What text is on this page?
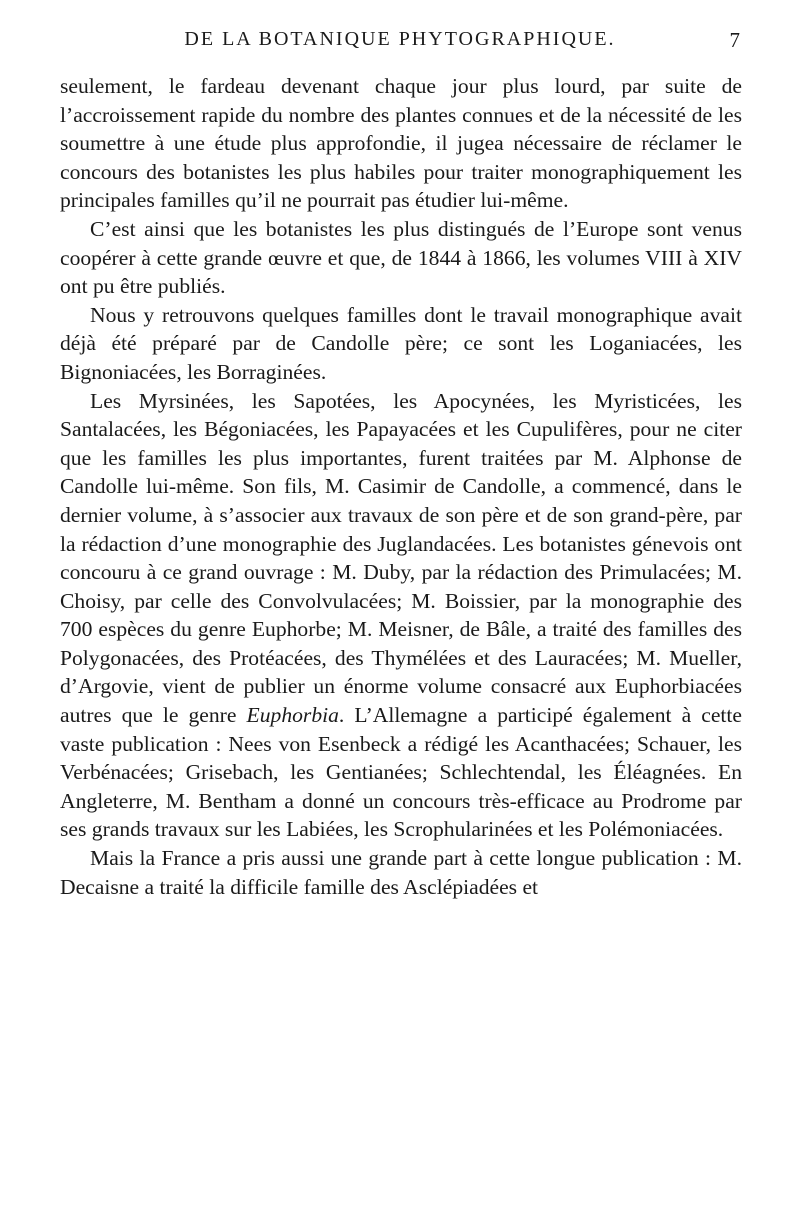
DE LA BOTANIQUE PHYTOGRAPHIQUE.	7

seulement, le fardeau devenant chaque jour plus lourd, par suite de l’accroissement rapide du nombre des plantes connues et de la nécessité de les soumettre à une étude plus approfondie, il jugea nécessaire de réclamer le concours des botanistes les plus habiles pour traiter monographiquement les principales familles qu’il ne pourrait pas étudier lui-même.

C’est ainsi que les botanistes les plus distingués de l’Europe sont venus coopérer à cette grande œuvre et que, de 1844 à 1866, les volumes VIII à XIV ont pu être publiés.

Nous y retrouvons quelques familles dont le travail monographique avait déjà été préparé par de Candolle père; ce sont les Loganiacées, les Bignoniacées, les Borraginées.

Les Myrsinées, les Sapotées, les Apocynées, les Myristicées, les Santalacées, les Bégoniacées, les Papayacées et les Cupulifères, pour ne citer que les familles les plus importantes, furent traitées par M. Alphonse de Candolle lui-même. Son fils, M. Casimir de Candolle, a commencé, dans le dernier volume, à s’associer aux travaux de son père et de son grand-père, par la rédaction d’une monographie des Juglandacées. Les botanistes génevois ont concouru à ce grand ouvrage : M. Duby, par la rédaction des Primulacées; M. Choisy, par celle des Convolvulacées; M. Boissier, par la monographie des 700 espèces du genre Euphorbe; M. Meisner, de Bâle, a traité des familles des Polygonacées, des Protéacées, des Thymélées et des Lauracées; M. Mueller, d’Argovie, vient de publier un énorme volume consacré aux Euphorbiacées autres que le genre Euphorbia. L’Allemagne a participé également à cette vaste publication : Nees von Esenbeck a rédigé les Acanthacées; Schauer, les Verbénacées; Grisebach, les Gentianées; Schlechtendal, les Éléagnées. En Angleterre, M. Bentham a donné un concours très-efficace au Prodrome par ses grands travaux sur les Labiées, les Scrophularinées et les Polémoniacées.

Mais la France a pris aussi une grande part à cette longue publication : M. Decaisne a traité la difficile famille des Asclépiadées et
